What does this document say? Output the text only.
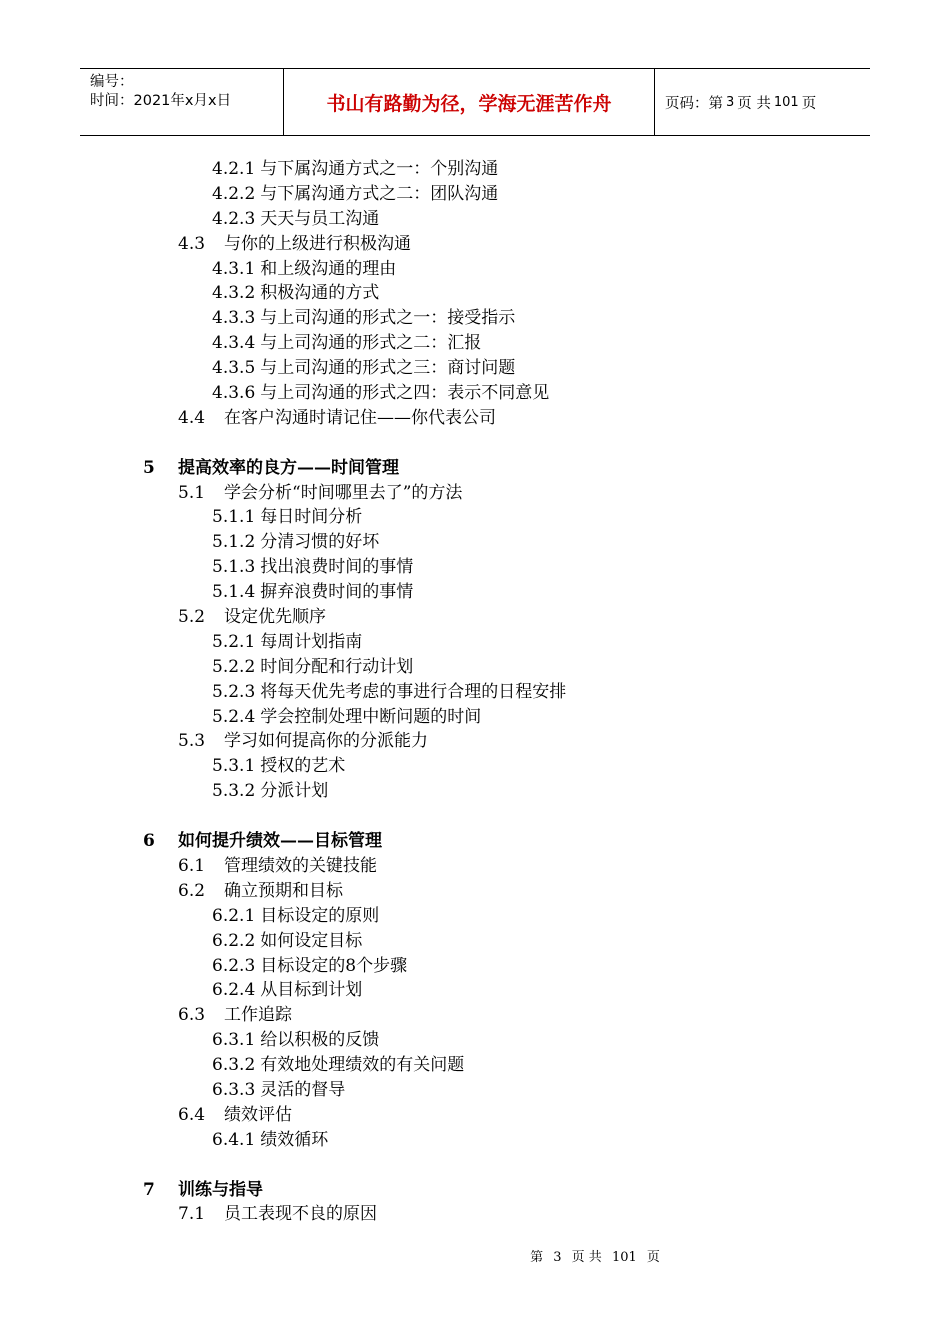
编号：
时间：2021年x月x日	书山有路勤为径，学海无涯苦作舟	页码：第 3 页 共 101 页
4.2.1 与下属沟通方式之一：个别沟通
4.2.2 与下属沟通方式之二：团队沟通
4.2.3 天天与员工沟通
4.3 与你的上级进行积极沟通
4.3.1 和上级沟通的理由
4.3.2 积极沟通的方式
4.3.3 与上司沟通的形式之一：接受指示
4.3.4 与上司沟通的形式之二：汇报
4.3.5 与上司沟通的形式之三：商讨问题
4.3.6 与上司沟通的形式之四：表示不同意见
4.4 在客户沟通时请记住——你代表公司
5 提高效率的良方——时间管理
5.1 学会分析“时间哪里去了”的方法
5.1.1 每日时间分析
5.1.2 分清习惯的好坏
5.1.3 找出浪费时间的事情
5.1.4 摒弃浪费时间的事情
5.2 设定优先顺序
5.2.1 每周计划指南
5.2.2 时间分配和行动计划
5.2.3 将每天优先考虑的事进行合理的日程安排
5.2.4 学会控制处理中断问题的时间
5.3 学习如何提高你的分派能力
5.3.1 授权的艺术
5.3.2 分派计划
6 如何提升绩效——目标管理
6.1 管理绩效的关键技能
6.2 确立预期和目标
6.2.1 目标设定的原则
6.2.2 如何设定目标
6.2.3 目标设定的8个步骤
6.2.4 从目标到计划
6.3 工作追踪
6.3.1 给以积极的反馈
6.3.2 有效地处理绩效的有关问题
6.3.3 灵活的督导
6.4 绩效评估
6.4.1 绩效循环
7 训练与指导
7.1 员工表现不良的原因
第 3 页 共 101 页
